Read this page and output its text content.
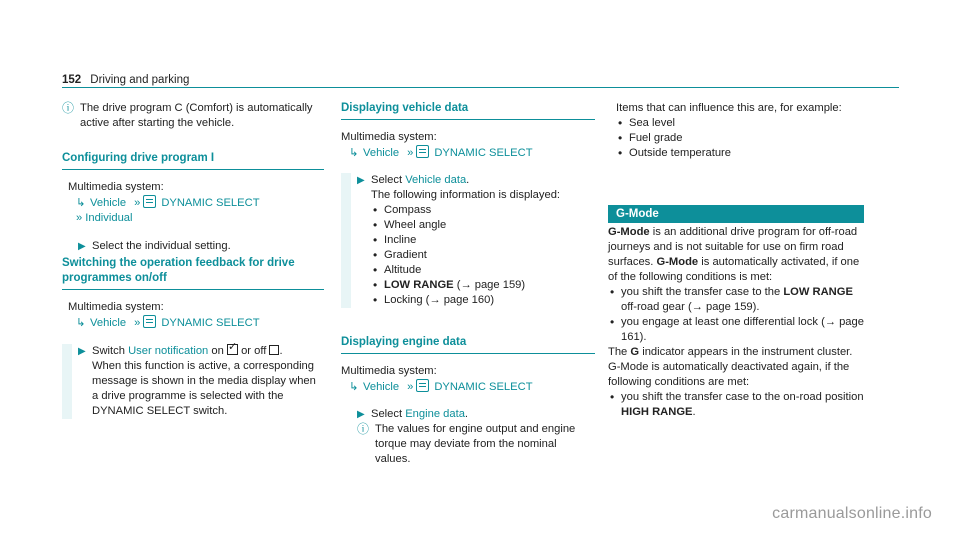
152 Driving and parking
ⓘ The drive program C (Comfort) is automatically active after starting the vehicle.
Configuring drive program I
Multimedia system:
↳ Vehicle » DYNAMIC SELECT
» Individual
▶ Select the individual setting.
Switching the operation feedback for drive
programmes on/off
Multimedia system:
↳ Vehicle » DYNAMIC SELECT
▶ Switch User notification on ✓ or off .
When this function is active, a corresponding message is shown in the media display when a drive programme is selected with the DYNAMIC SELECT switch.
Displaying vehicle data
Multimedia system:
↳ Vehicle » DYNAMIC SELECT
▶ Select Vehicle data.
The following information is displayed:
• Compass
• Wheel angle
• Incline
• Gradient
• Altitude
• LOW RANGE (→ page 159)
• Locking (→ page 160)
Displaying engine data
Multimedia system:
↳ Vehicle » DYNAMIC SELECT
▶ Select Engine data.
ⓘ The values for engine output and engine torque may deviate from the nominal values.
Items that can influence this are, for example:
• Sea level
• Fuel grade
• Outside temperature
G-Mode
G-Mode is an additional drive program for off-road journeys and is not suitable for use on firm road surfaces. G-Mode is automatically activated, if one of the following conditions is met:
• you shift the transfer case to the LOW RANGE off-road gear (→ page 159).
• you engage at least one differential lock (→ page 161).
The G indicator appears in the instrument cluster.
G-Mode is automatically deactivated again, if the following conditions are met:
• you shift the transfer case to the on-road position HIGH RANGE.
carmanualsonline.info
